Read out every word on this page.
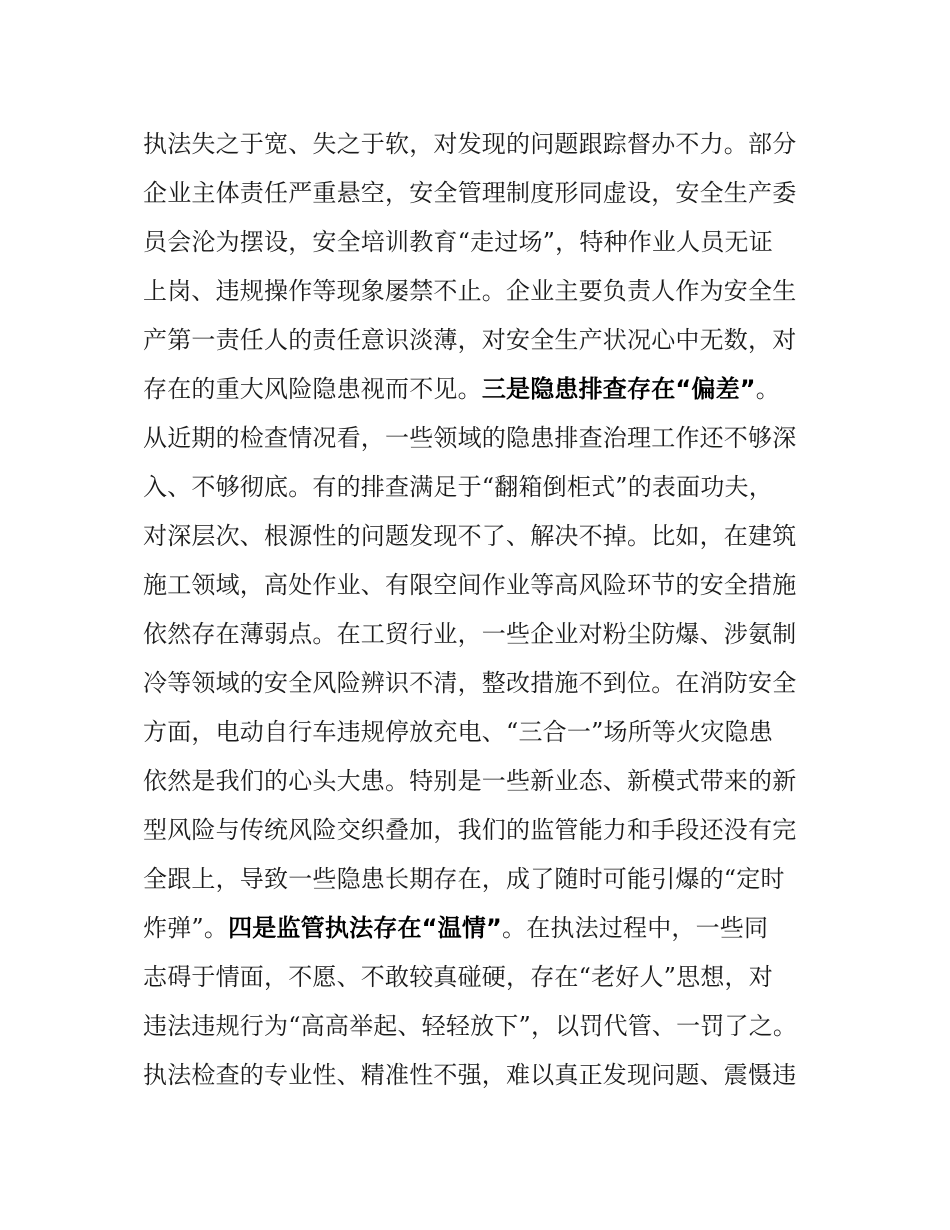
执法失之于宽、失之于软，对发现的问题跟踪督办不力。部分
企业主体责任严重悬空，安全管理制度形同虚设，安全生产委
员会沦为摆设，安全培训教育“走过场”，特种作业人员无证
上岗、违规操作等现象屡禁不止。企业主要负责人作为安全生
产第一责任人的责任意识淡薄，对安全生产状况心中无数，对
存在的重大风险隐患视而不见。三是隐患排查存在“偏差”。
从近期的检查情况看，一些领域的隐患排查治理工作还不够深
入、不够彻底。有的排查满足于“翻箱倒柜式”的表面功夫，
对深层次、根源性的问题发现不了、解决不掉。比如，在建筑
施工领域，高处作业、有限空间作业等高风险环节的安全措施
依然存在薄弱点。在工贸行业，一些企业对粉尘防爆、涉氨制
冷等领域的安全风险辨识不清，整改措施不到位。在消防安全
方面，电动自行车违规停放充电、“三合一”场所等火灾隐患
依然是我们的心头大患。特别是一些新业态、新模式带来的新
型风险与传统风险交织叠加，我们的监管能力和手段还没有完
全跟上，导致一些隐患长期存在，成了随时可能引爆的“定时
炸弹”。四是监管执法存在“温情”。在执法过程中，一些同
志碍于情面，不愿、不敢较真碰硬，存在“老好人”思想，对
违法违规行为“高高举起、轻轻放下”，以罚代管、一罚了之。
执法检查的专业性、精准性不强，难以真正发现问题、震慑违
